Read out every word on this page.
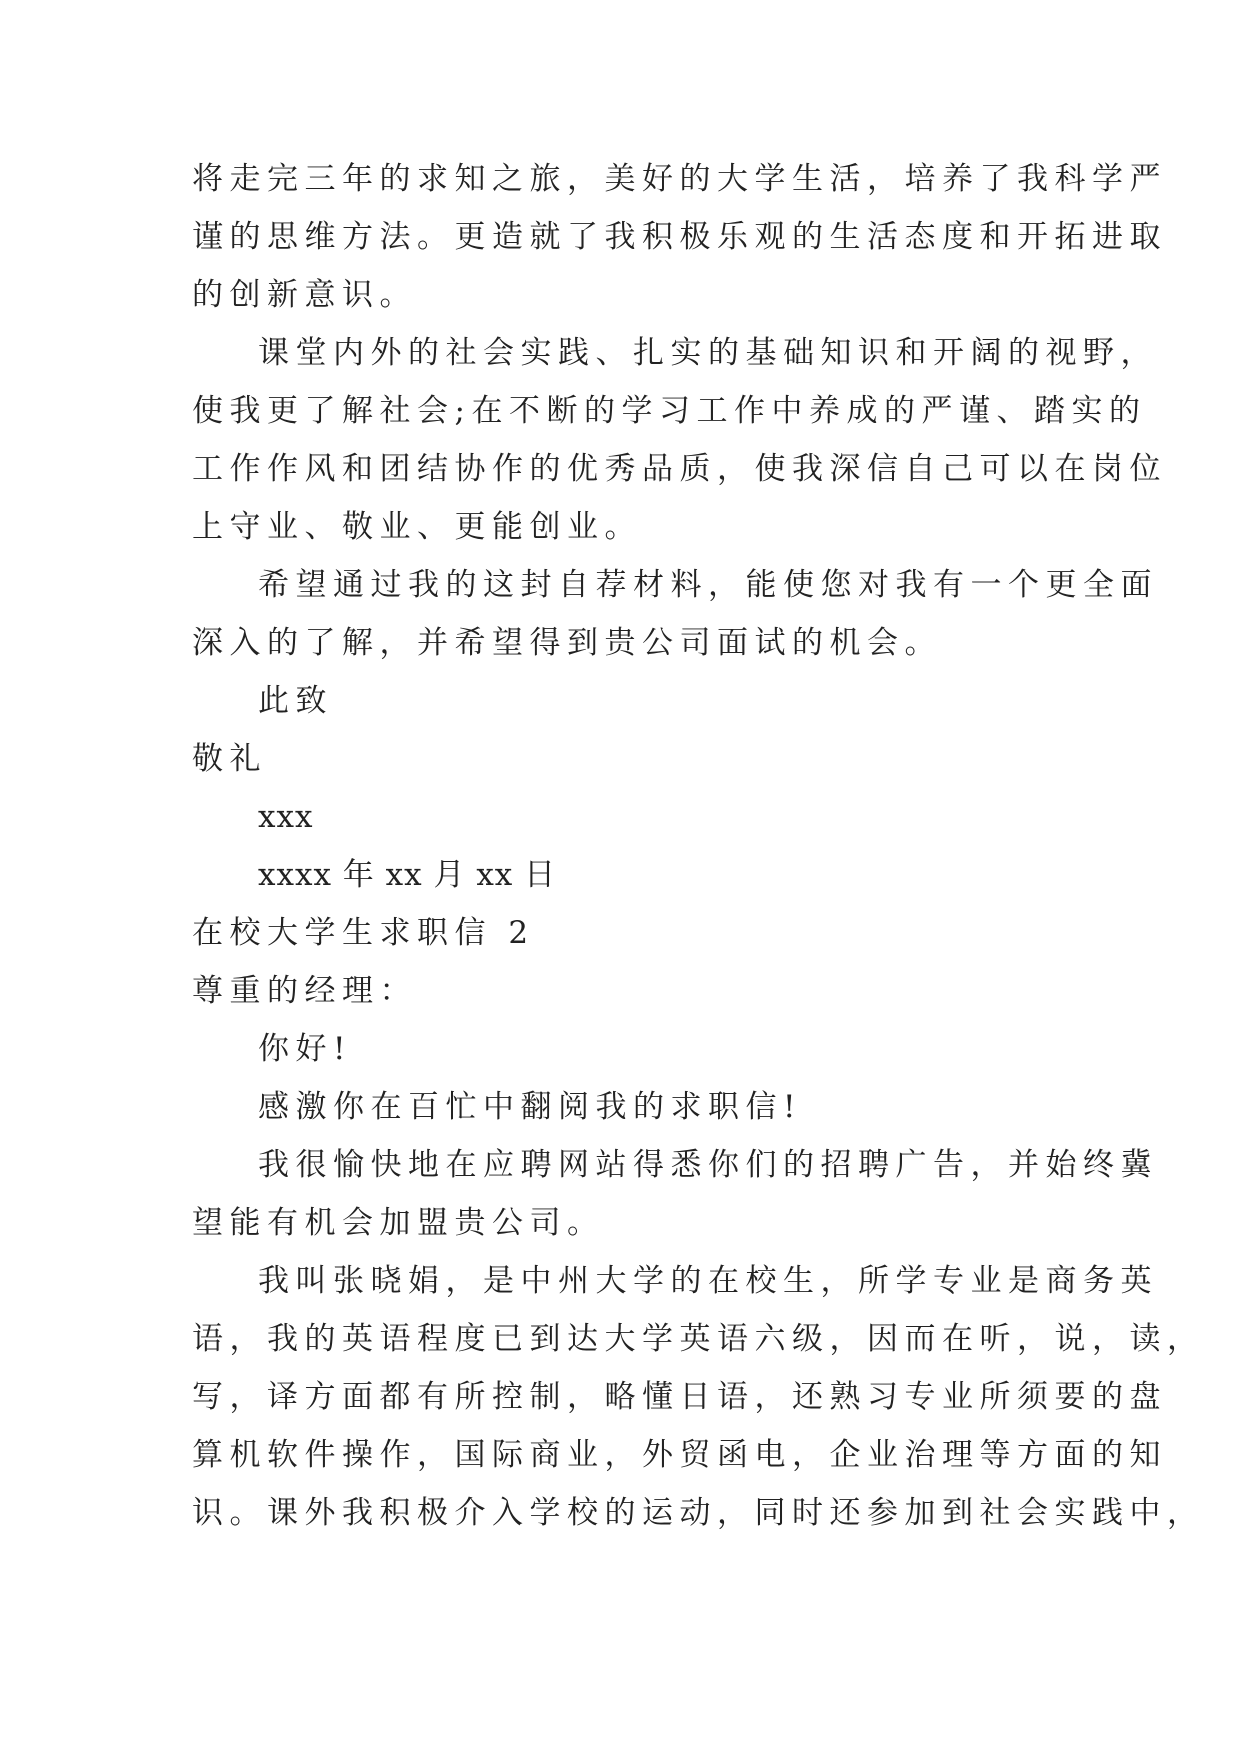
将走完三年的求知之旅，美好的大学生活，培养了我科学严
谨的思维方法。更造就了我积极乐观的生活态度和开拓进取
的创新意识。
课堂内外的社会实践、扎实的基础知识和开阔的视野，
使我更了解社会;在不断的学习工作中养成的严谨、踏实的
工作作风和团结协作的优秀品质，使我深信自己可以在岗位
上守业、敬业、更能创业。
希望通过我的这封自荐材料，能使您对我有一个更全面
深入的了解，并希望得到贵公司面试的机会。
此致
敬礼
xxx
xxxx 年 xx 月 xx 日
在校大学生求职信 2
尊重的经理：
你好!
感激你在百忙中翻阅我的求职信!
我很愉快地在应聘网站得悉你们的招聘广告，并始终冀
望能有机会加盟贵公司。
我叫张晓娟，是中州大学的在校生，所学专业是商务英
语，我的英语程度已到达大学英语六级，因而在听，说，读，
写，译方面都有所控制，略懂日语，还熟习专业所须要的盘
算机软件操作，国际商业，外贸函电，企业治理等方面的知
识。课外我积极介入学校的运动，同时还参加到社会实践中，
